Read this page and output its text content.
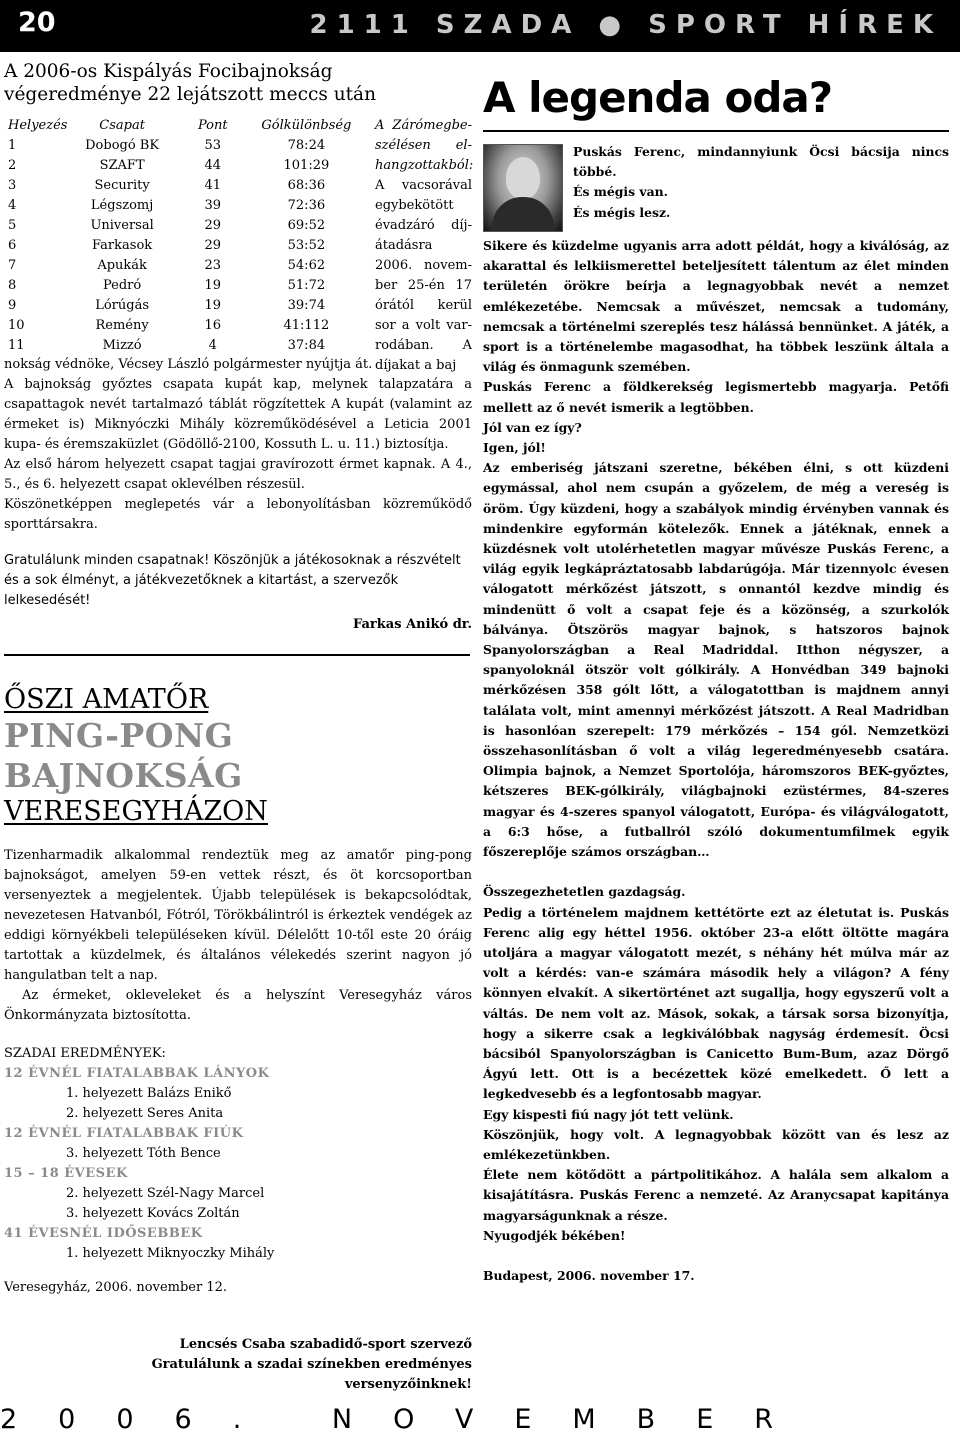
20	2111 SZADA ● SPORT HÍREK
A 2006-os Kispályás Focibajnokság
végeredménye 22 lejátszott meccs után
Helyezés	Csapat	Pont	Gólkülönbség
1	Dobogó BK	53	78:24
2	SZAFT	44	101:29
3	Security	41	68:36
4	Légszomj	39	72:36
5	Universal	29	69:52
6	Farkasok	29	53:52
7	Apukák	23	54:62
8	Pedró	19	51:72
9	Lórúgás	19	39:74
10	Remény	16	41:112
11	Mizzó	4	37:84
A Zárómegbeszélésen elhangzottakból: A vacsorával egybekötött évadzáró díjátadásra 2006. november 25-én 17 órától kerül sor a volt varrodában. A díjakat a baj

nokság védnöke, Vécsey László polgármester nyújtja át.

A bajnokság győztes csapata kupát kap, melynek talapzatára a csapattagok nevét tartalmazó táblát rögzítettek A kupát (valamint az érmeket is) Miknyóczki Mihály közreműködésével a Leticia 2001 kupa- és éremszaküzlet (Gödöllő-2100, Kossuth L. u. 11.) biztosítja.

Az első három helyezett csapat tagjai gravírozott érmet kapnak. A 4., 5., és 6. helyezett csapat oklevélben részesül.

Köszönetképpen meglepetés vár a lebonyolításban közreműködő sporttársakra.

Gratulálunk minden csapatnak! Köszönjük a játékosoknak a részvételt és a sok élményt, a játékvezetőknek a kitartást, a szervezők lelkesedését!

Farkas Anikó dr.

ŐSZI AMATŐR
PING-PONG BAJNOKSÁG
VERESEGYHÁZON

Tizenharmadik alkalommal rendeztük meg az amatőr ping-pong bajnokságot, amelyen 59-en vettek részt, és öt korcsoportban versenyeztek a megjelentek. Újabb települések is bekapcsolódtak, nevezetesen Hatvanból, Fótról, Törökbálintról is érkeztek vendégek az eddigi környékbeli településeken kívül. Délelőtt 10-től este 20 óráig tartottak a küzdelmek, és általános vélekedés szerint nagyon jó hangulatban telt a nap.

Az érmeket, okleveleket és a helyszínt Veresegyház város Önkormányzata biztosította.

SZADAI EREDMÉNYEK:
12 ÉVNÉL FIATALABBAK LÁNYOK
1. helyezett Balázs Enikő
2. helyezett Seres Anita
12 ÉVNÉL FIATALABBAK FIÚK
3. helyezett Tóth Bence
15 – 18 ÉVESEK
2. helyezett Szél-Nagy Marcel
3. helyezett Kovács Zoltán
41 ÉVESNÉL IDŐSEBBEK
1. helyezett Miknyoczky Mihály

Veresegyház, 2006. november 12.

Lencsés Csaba szabadidő-sport szervező
Gratulálunk a szadai színekben eredményes
versenyzőinknek!
A legenda oda?
Puskás Ferenc, mindannyiunk Öcsi bácsija nincs többé.
És mégis van.
És mégis lesz.
Sikere és küzdelme ugyanis arra adott példát, hogy a kiválóság, az akarattal és lelkiismerettel beteljesített tálentum az élet minden területén örökre beírja a legnagyobbak nevét a nemzet emlékezetébe. Nemcsak a művészet, nemcsak a tudomány, nemcsak a történelmi szereplés tesz hálássá bennünket. A játék, a sport is a történelembe magasodhat, ha többek leszünk általa a világ és önmagunk szemében.
Puskás Ferenc a földkerekség legismertebb magyarja. Petőfi mellett az ő nevét ismerik a legtöbben.
Jól van ez így?
Igen, jól!

Az emberiség játszani szeretne, békében élni, s ott küzdeni egymással, ahol nem csupán a győzelem, de még a vereség is öröm. Úgy küzdeni, hogy a szabályok mindig érvényben vannak és mindenkire egyformán kötelezők. Ennek a játéknak, ennek a küzdésnek volt utolérhetetlen magyar művésze Puskás Ferenc, a világ egyik legkápráztatosabb labdarúgója. Már tizennyolc évesen válogatott mérkőzést játszott, s onnantól kezdve mindig és mindenütt ő volt a csapat feje és a közönség, a szurkolók bálványa. Ötszörös magyar bajnok, s hatszoros bajnok Spanyolországban a Real Madriddal. Itthon négyszer, a spanyoloknál ötször volt gólkirály. A Honvédban 349 bajnoki mérkőzésen 358 gólt lőtt, a válogatottban is majdnem annyi találata volt, mint amennyi mérkőzést játszott. A Real Madridban is hasonlóan szerepelt: 179 mérkőzés – 154 gól. Nemzetközi összehasonlításban ő volt a világ legeredményesebb csatára. Olimpia bajnok, a Nemzet Sportolója, háromszoros BEK-győztes, kétszeres BEK-gólkirály, világbajnoki ezüstérmes, 84-szeres magyar és 4-szeres spanyol válogatott, Európa- és világválogatott, a 6:3 hőse, a futballról szóló dokumentumfilmek egyik főszereplője számos országban…

Összegezhetetlen gazdagság.

Pedig a történelem majdnem kettétörte ezt az életutat is. Puskás Ferenc alig egy héttel 1956. október 23-a előtt öltötte magára utoljára a magyar válogatott mezét, s néhány hét múlva már az volt a kérdés: van-e számára második hely a világon? A fény könnyen elvakít. A sikertörténet azt sugallja, hogy egyszerű volt a váltás. De nem volt az. Mások, sokak, a társak sorsa bizonyítja, hogy a sikerre csak a legkiválóbbak nagyság érdemesít. Öcsi bácsiból Spanyolországban is Canicetto Bum-Bum, azaz Dörgő Ágyú lett. Ott is a becézettek közé emelkedett. Ő lett a legkedvesebb és a legfontosabb magyar.
Egy kispesti fiú nagy jót tett velünk.

Köszönjük, hogy volt. A legnagyobbak között van és lesz az emlékezetünkben.

Élete nem kötődött a pártpolitikához. A halála sem alkalom a kisajátításra. Puskás Ferenc a nemzeté. Az Aranycsapat kapitánya magyarságunknak a része.

Nyugodjék békében!

Budapest, 2006. november 17.

2006. NOVEMBER
